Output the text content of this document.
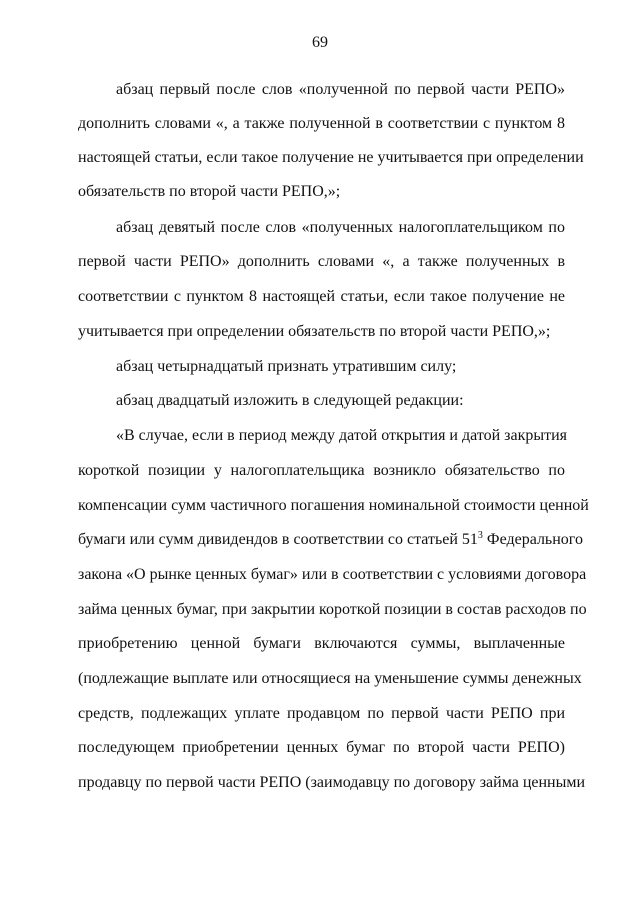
69
абзац первый после слов «полученной по первой части РЕПО»
дополнить словами «, а также полученной в соответствии с пунктом 8
настоящей статьи, если такое получение не учитывается при определении
обязательств по второй части РЕПО,»;
абзац девятый после слов «полученных налогоплательщиком по
первой части РЕПО» дополнить словами «, а также полученных в
соответствии с пунктом 8 настоящей статьи, если такое получение не
учитывается при определении обязательств по второй части РЕПО,»;
абзац четырнадцатый признать утратившим силу;
абзац двадцатый изложить в следующей редакции:
«В случае, если в период между датой открытия и датой закрытия
короткой позиции у налогоплательщика возникло обязательство по
компенсации сумм частичного погашения номинальной стоимости ценной
бумаги или сумм дивидендов в соответствии со статьей $51^3$ Федерального
закона «О рынке ценных бумаг» или в соответствии с условиями договора
займа ценных бумаг, при закрытии короткой позиции в состав расходов по
приобретению ценной бумаги включаются суммы, выплаченные
(подлежащие выплате или относящиеся на уменьшение суммы денежных
средств, подлежащих уплате продавцом по первой части РЕПО при
последующем приобретении ценных бумаг по второй части РЕПО)
продавцу по первой части РЕПО (заимодавцу по договору займа ценными
